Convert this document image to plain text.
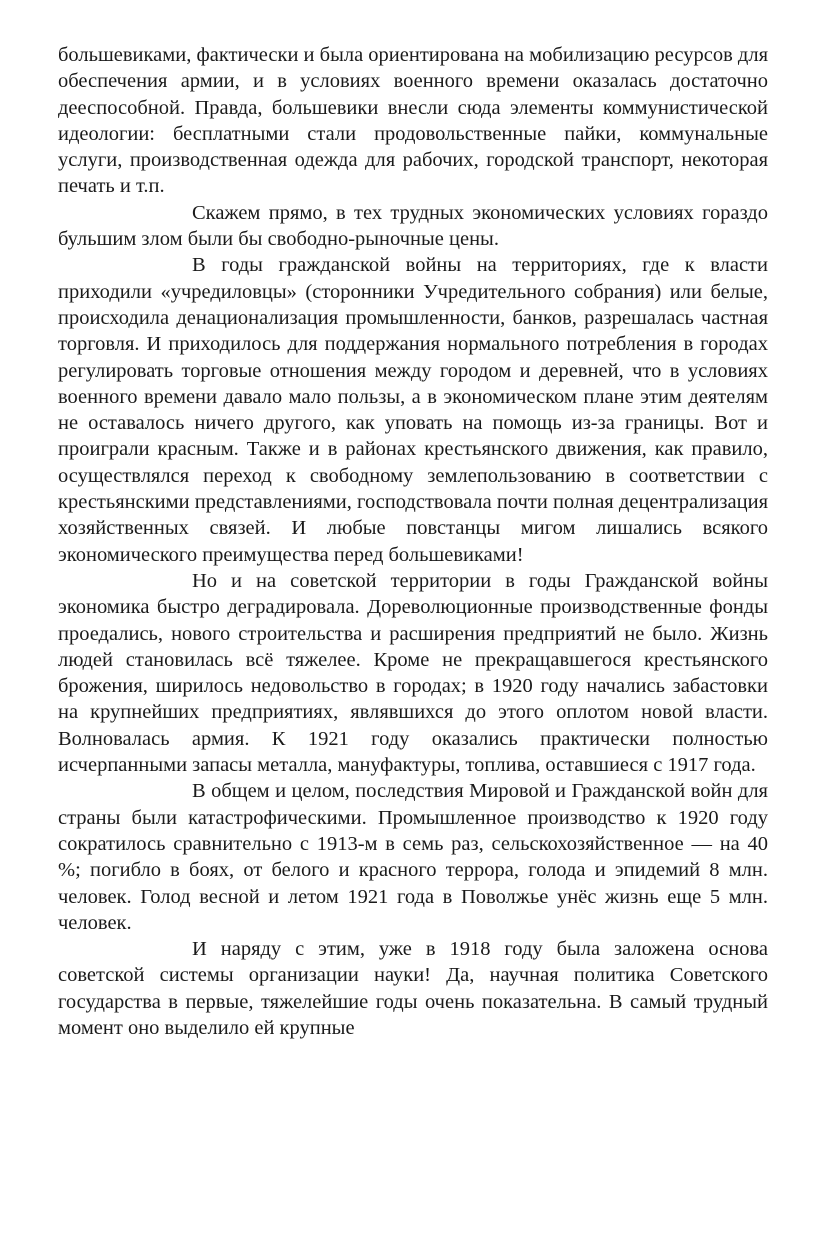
большевиками, фактически и была ориентирована на мобилизацию ресурсов для обеспечения армии, и в условиях военного времени оказалась достаточно дееспособной. Правда, большевики внесли сюда элементы коммунистической идеологии: бесплатными стали продовольственные пайки, коммунальные услуги, производственная одежда для рабочих, городской транспорт, некоторая печать и т.п.

Скажем прямо, в тех трудных экономических условиях гораздо бульшим злом были бы свободно-рыночные цены.

В годы гражданской войны на территориях, где к власти приходили «учредиловцы» (сторонники Учредительного собрания) или белые, происходила денационализация промышленности, банков, разрешалась частная торговля. И приходилось для поддержания нормального потребления в городах регулировать торговые отношения между городом и деревней, что в условиях военного времени давало мало пользы, а в экономическом плане этим деятелям не оставалось ничего другого, как уповать на помощь из-за границы. Вот и проиграли красным. Также и в районах крестьянского движения, как правило, осуществлялся переход к свободному землепользованию в соответствии с крестьянскими представлениями, господствовала почти полная децентрализация хозяйственных связей. И любые повстанцы мигом лишались всякого экономического преимущества перед большевиками!

Но и на советской территории в годы Гражданской войны экономика быстро деградировала. Дореволюционные производственные фонды проедались, нового строительства и расширения предприятий не было. Жизнь людей становилась всё тяжелее. Кроме не прекращавшегося крестьянского брожения, ширилось недовольство в городах; в 1920 году начались забастовки на крупнейших предприятиях, являвшихся до этого оплотом новой власти. Волновалась армия. К 1921 году оказались практически полностью исчерпанными запасы металла, мануфактуры, топлива, оставшиеся с 1917 года.

В общем и целом, последствия Мировой и Гражданской войн для страны были катастрофическими. Промышленное производство к 1920 году сократилось сравнительно с 1913-м в семь раз, сельскохозяйственное — на 40 %; погибло в боях, от белого и красного террора, голода и эпидемий 8 млн. человек. Голод весной и летом 1921 года в Поволжье унёс жизнь еще 5 млн. человек.

И наряду с этим, уже в 1918 году была заложена основа советской системы организации науки! Да, научная политика Советского государства в первые, тяжелейшие годы очень показательна. В самый трудный момент оно выделило ей крупные
